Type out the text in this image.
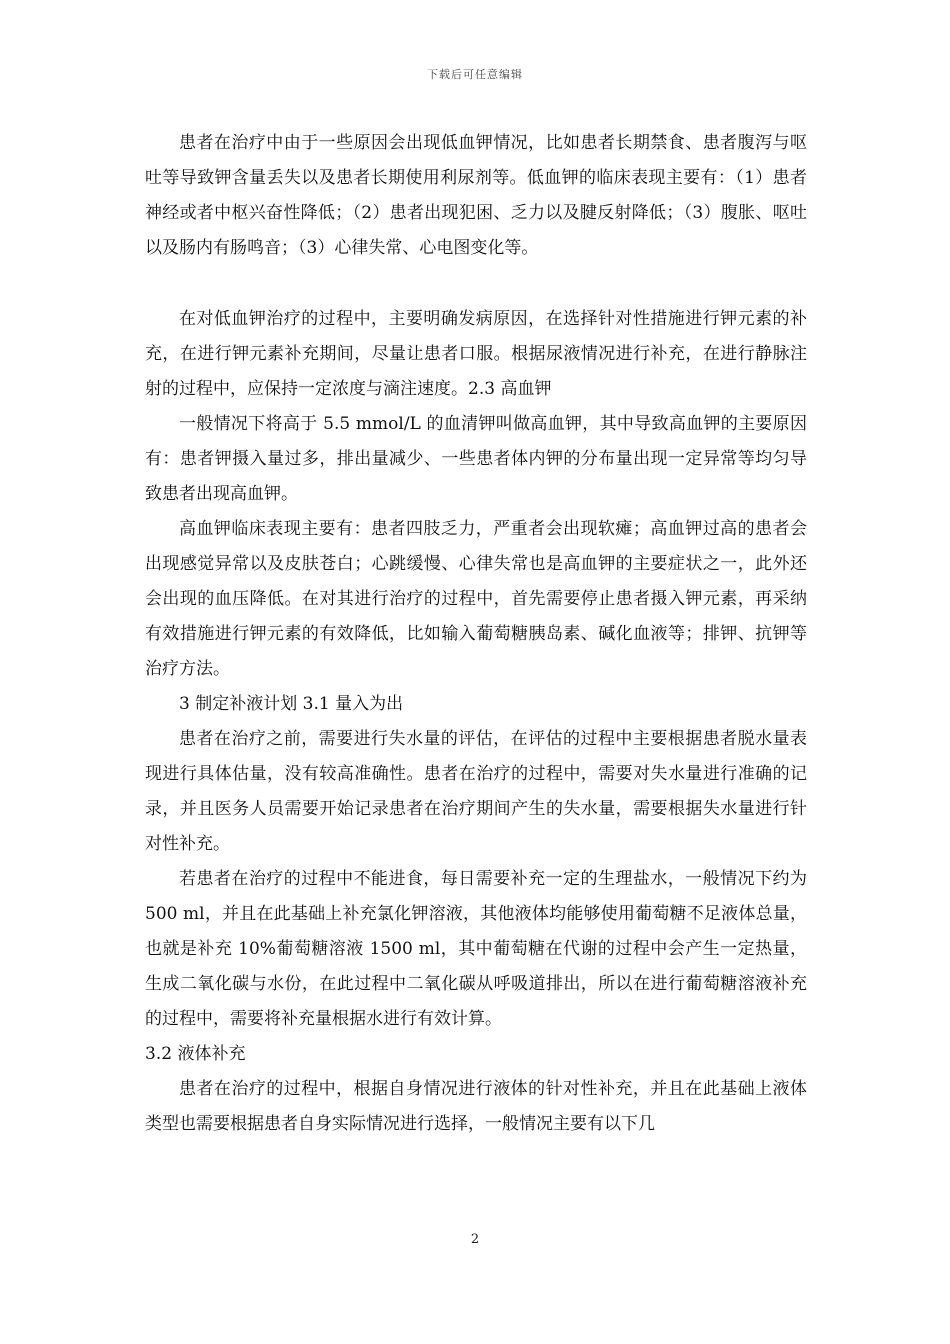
下载后可任意编辑

患者在治疗中由于一些原因会出现低血钾情况，比如患者长期禁食、患者腹泻与呕吐等导致钾含量丢失以及患者长期使用利尿剂等。低血钾的临床表现主要有：（1）患者神经或者中枢兴奋性降低；（2）患者出现犯困、乏力以及腱反射降低；（3）腹胀、呕吐以及肠内有肠鸣音；（3）心律失常、心电图变化等。

在对低血钾治疗的过程中，主要明确发病原因，在选择针对性措施进行钾元素的补充，在进行钾元素补充期间，尽量让患者口服。根据尿液情况进行补充，在进行静脉注射的过程中，应保持一定浓度与滴注速度。2.3 高血钾

一般情况下将高于 5.5 mmol/L 的血清钾叫做高血钾，其中导致高血钾的主要原因有：患者钾摄入量过多，排出量减少、一些患者体内钾的分布量出现一定异常等均匀导致患者出现高血钾。

高血钾临床表现主要有：患者四肢乏力，严重者会出现软瘫；高血钾过高的患者会出现感觉异常以及皮肤苍白；心跳缓慢、心律失常也是高血钾的主要症状之一，此外还会出现的血压降低。在对其进行治疗的过程中，首先需要停止患者摄入钾元素，再采纳有效措施进行钾元素的有效降低，比如输入葡萄糖胰岛素、碱化血液等；排钾、抗钾等治疗方法。

3 制定补液计划 3.1 量入为出

患者在治疗之前，需要进行失水量的评估，在评估的过程中主要根据患者脱水量表现进行具体估量，没有较高准确性。患者在治疗的过程中，需要对失水量进行准确的记录，并且医务人员需要开始记录患者在治疗期间产生的失水量，需要根据失水量进行针对性补充。

若患者在治疗的过程中不能进食，每日需要补充一定的生理盐水，一般情况下约为 500 ml，并且在此基础上补充氯化钾溶液，其他液体均能够使用葡萄糖不足液体总量，也就是补充 10%葡萄糖溶液 1500 ml，其中葡萄糖在代谢的过程中会产生一定热量，生成二氧化碳与水份，在此过程中二氧化碳从呼吸道排出，所以在进行葡萄糖溶液补充的过程中，需要将补充量根据水进行有效计算。

3.2 液体补充

患者在治疗的过程中，根据自身情况进行液体的针对性补充，并且在此基础上液体类型也需要根据患者自身实际情况进行选择，一般情况主要有以下几

2
